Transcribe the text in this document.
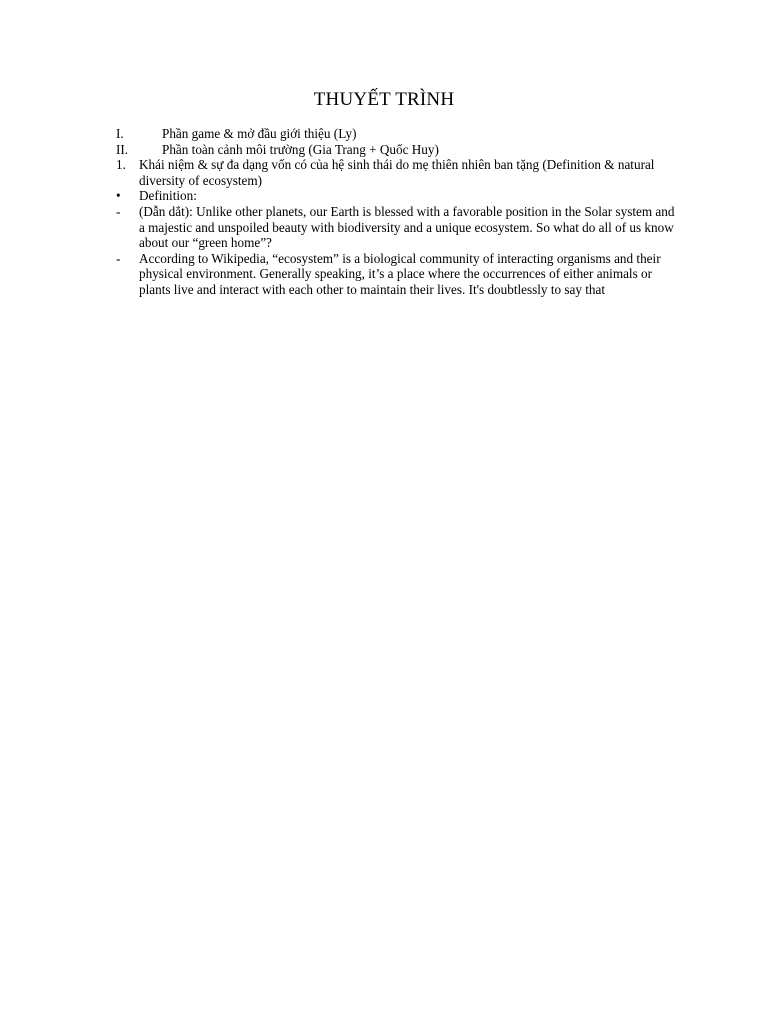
THUYẾT TRÌNH
I.	Phần game & mở đầu giới thiệu (Ly)
II.	Phần toàn cảnh môi trường (Gia Trang + Quốc Huy)
1. Khái niệm & sự đa dạng vốn có của hệ sinh thái do mẹ thiên nhiên ban tặng (Definition & natural diversity of ecosystem)
•	Definition:
-	(Dẫn dắt): Unlike other planets, our Earth is blessed with a favorable position in the Solar system and a majestic and unspoiled beauty with biodiversity and a unique ecosystem. So what do all of us know about our “green home”?
-	According to Wikipedia, “ecosystem” is a biological community of interacting organisms and their physical environment. Generally speaking, it’s a place where the occurrences of either animals or plants live and interact with each other to maintain their lives. It's doubtlessly to say that
